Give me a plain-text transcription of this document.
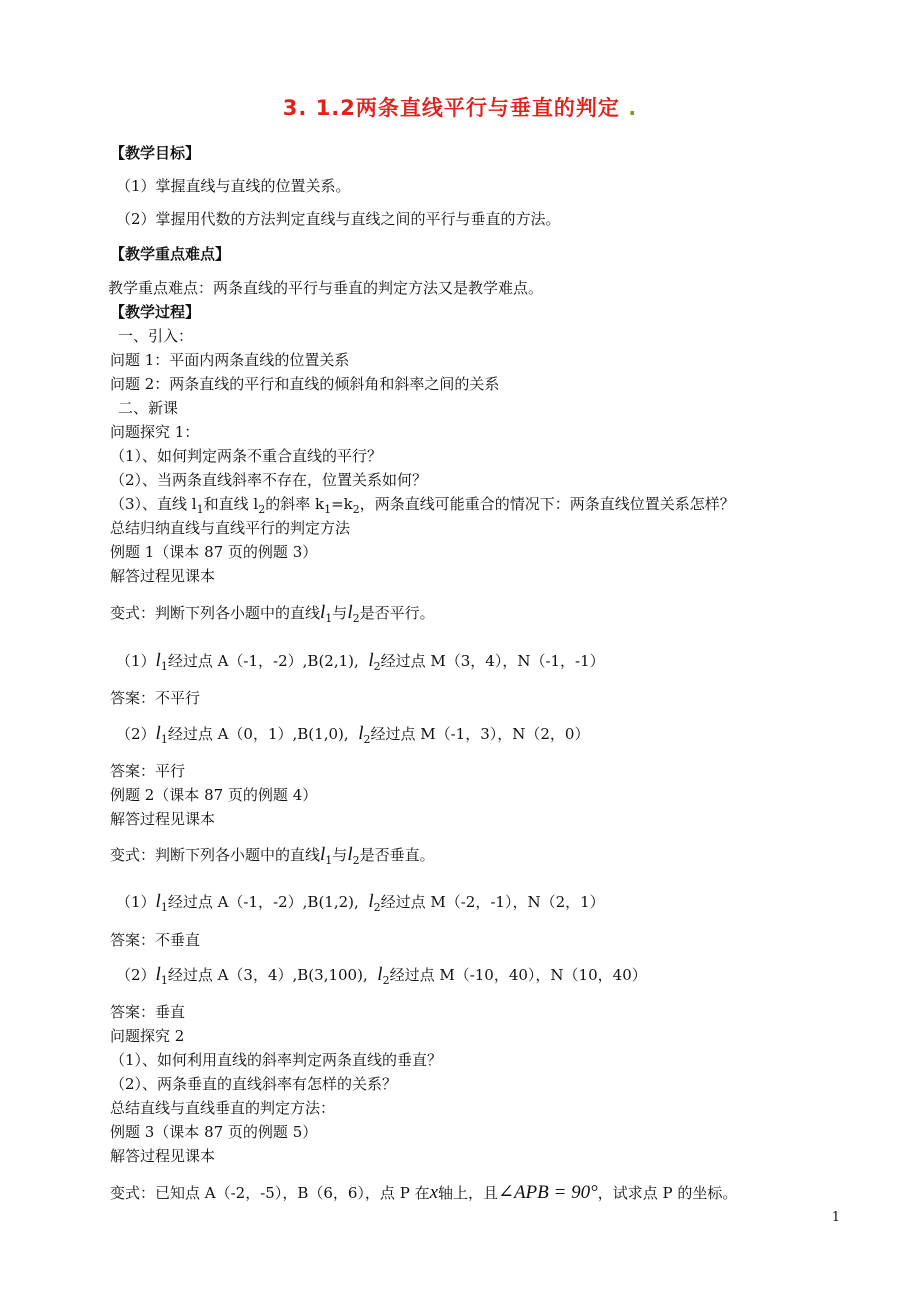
3. 1.2两条直线平行与垂直的判定 .
【教学目标】
（1）掌握直线与直线的位置关系。
（2）掌握用代数的方法判定直线与直线之间的平行与垂直的方法。
【教学重点难点】
教学重点难点：两条直线的平行与垂直的判定方法又是教学难点。
【教学过程】
一、引入：
问题 1：平面内两条直线的位置关系
问题 2：两条直线的平行和直线的倾斜角和斜率之间的关系
二、新课
问题探究 1：
（1）、如何判定两条不重合直线的平行？
（2）、当两条直线斜率不存在，位置关系如何？
（3）、直线 $l_1$和直线 $l_2$的斜率 $k_1=k_2$，两条直线可能重合的情况下：两条直线位置关系怎样？
总结归纳直线与直线平行的判定方法
例题 1（课本 87 页的例题 3）
解答过程见课本
变式：判断下列各小题中的直线$l_1$与$l_2$是否平行。
$(1)l_1$经过点 A（-1，-2）,B(2,1), $l_2$经过点 M（3，4），N（-1，-1）
答案：不平行
$(2)l_1$经过点 A（0，1）,B(1,0), $l_2$经过点 M（-1，3），N（2，0）
答案：平行
例题 2（课本 87 页的例题 4）
解答过程见课本
变式：判断下列各小题中的直线$l_1$与$l_2$是否垂直。
$(1)l_1$经过点 A（-1，-2）,B(1,2), $l_2$经过点 M（-2，-1），N（2，1）
答案：不垂直
$(2)l_1$经过点 A（3，4）,B(3,100), $l_2$经过点 M（-10，40），N（10，40）
答案：垂直
问题探究 2
（1）、如何利用直线的斜率判定两条直线的垂直？
（2）、两条垂直的直线斜率有怎样的关系？
总结直线与直线垂直的判定方法：
例题 3（课本 87 页的例题 5）
解答过程见课本
变式：已知点 A（-2，-5），B（6，6），点 P 在x轴上，且∠APB = 90°，试求点 P 的坐标。
1
